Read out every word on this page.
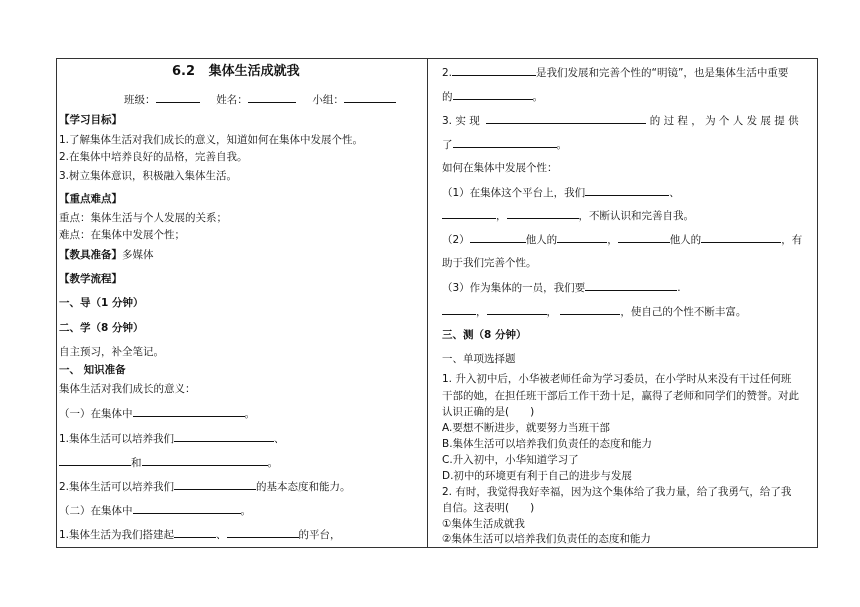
6.2 集体生活成就我
班级：	姓名：	小组：
【学习目标】
1.了解集体生活对我们成长的意义，知道如何在集体中发展个性。
2.在集体中培养良好的品格，完善自我。
3.树立集体意识，积极融入集体生活。
【重点难点】
重点：集体生活与个人发展的关系；
难点：在集体中发展个性；
【教具准备】多媒体
【教学流程】
一、导（1 分钟）
二、学（8 分钟）
自主预习，补全笔记。
一、 知识准备
集体生活对我们成长的意义：
（一）在集体中	。
1.集体生活可以培养我们	、
和	。
2.集体生活可以培养我们	的基本态度和能力。
（二）在集体中	。
1.集体生活为我们搭建起	、	的平台，
2.	是我们发展和完善个性的“明镜”，也是集体生活中重要
的	。
3. 实 现	的 过 程 ， 为 个 人 发 展 提 供
了	。
如何在集体中发展个性：
（1）在集体这个平台上，我们	、
，	，不断认识和完善自我。
（2）	他人的	，	他人的	，有
助于我们完善个性。
（3）作为集体的一员，我们要	.
，	，	，使自己的个性不断丰富。
三、测（8 分钟）
一、单项选择题
1. 升入初中后，小华被老师任命为学习委员，在小学时从来没有干过任何班
干部的她，在担任班干部后工作干劲十足，赢得了老师和同学们的赞誉。对此
认识正确的是(　　)
A.要想不断进步，就要努力当班干部
B.集体生活可以培养我们负责任的态度和能力
C.升入初中，小华知道学习了
D.初中的环境更有利于自己的进步与发展
2. 有时，我觉得我好幸福，因为这个集体给了我力量，给了我勇气，给了我
自信。这表明(　　)
①集体生活成就我
②集体生活可以培养我们负责任的态度和能力
